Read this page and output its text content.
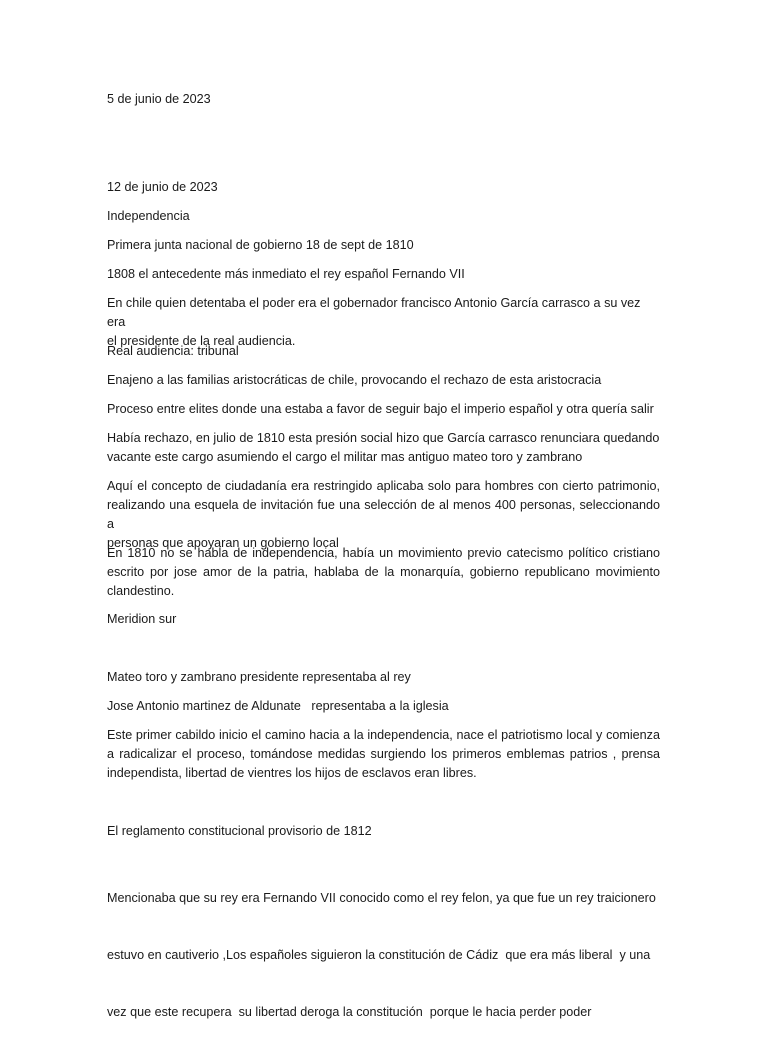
5 de junio de 2023

12 de junio de 2023

Independencia

Primera junta nacional de gobierno 18 de sept de 1810

1808 el antecedente más inmediato el rey español Fernando VII

En chile quien detentaba el poder era el gobernador francisco Antonio García carrasco a su vez era
el presidente de la real audiencia.

Real audiencia: tribunal

Enajeno a las familias aristocráticas de chile, provocando el rechazo de esta aristocracia

Proceso entre elites donde una estaba a favor de seguir bajo el imperio español y otra quería salir

Había rechazo, en julio de 1810 esta presión social hizo que García carrasco renunciara quedando
vacante este cargo asumiendo el cargo el militar mas antiguo mateo toro y zambrano
Aquí el concepto de ciudadanía era restringido aplicaba solo para hombres con cierto patrimonio,
realizando una esquela de invitación fue una selección de al menos 400 personas, seleccionando a
personas que apoyaran un gobierno local
En 1810 no se habla de independencia, había un movimiento previo catecismo político cristiano
escrito por jose amor de la patria, hablaba de la monarquía, gobierno republicano movimiento
clandestino.

Meridion sur

Mateo toro y zambrano presidente representaba al rey

Jose Antonio martinez de Aldunate   representaba a la iglesia

Este primer cabildo inicio el camino hacia a la independencia, nace el patriotismo local y comienza
a radicalizar el proceso, tomándose medidas surgiendo los primeros emblemas patrios , prensa
independista, libertad de vientres los hijos de esclavos eran libres.

El reglamento constitucional provisorio de 1812

Mencionaba que su rey era Fernando VII conocido como el rey felon, ya que fue un rey traicionero

estuvo en cautiverio ,Los españoles siguieron la constitución de Cádiz  que era más liberal  y una

vez que este recupera  su libertad deroga la constitución  porque le hacia perder poder
